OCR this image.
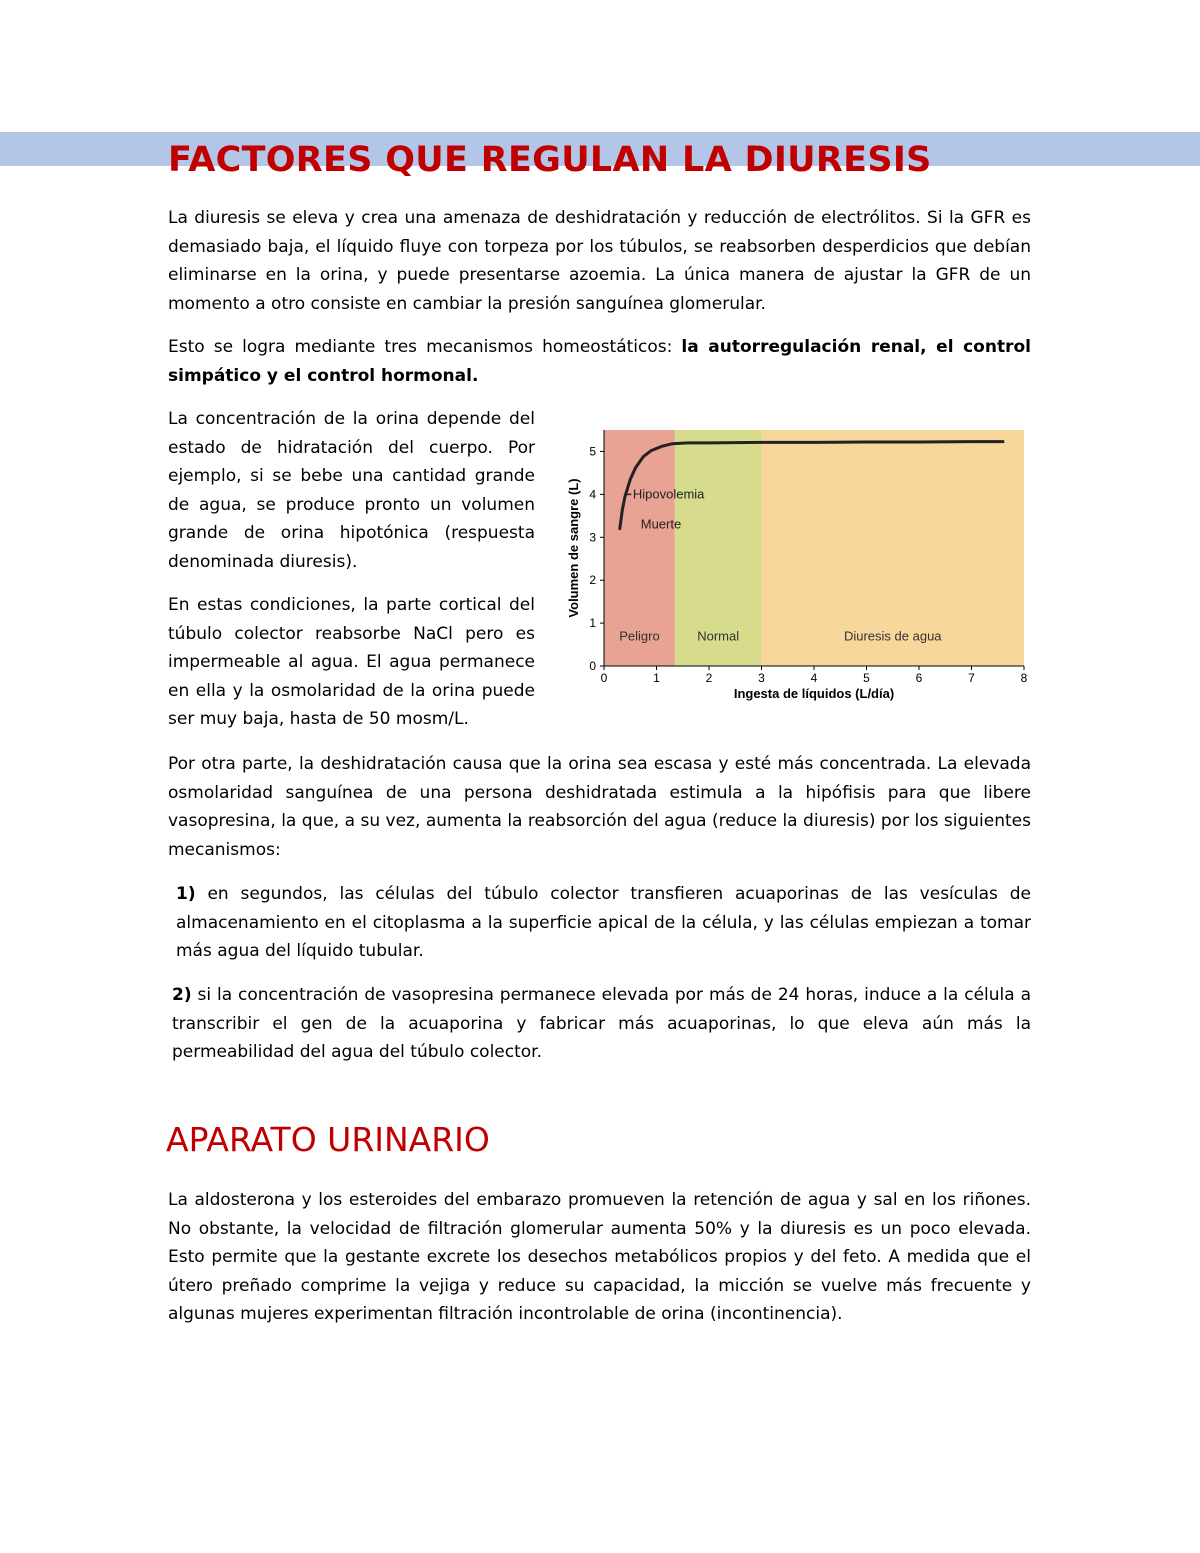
FACTORES QUE REGULAN LA DIURESIS

La diuresis se eleva y crea una amenaza de deshidratación y reducción de electrólitos. Si la GFR es demasiado baja, el líquido fluye con torpeza por los túbulos, se reabsorben desperdicios que debían eliminarse en la orina, y puede presentarse azoemia. La única manera de ajustar la GFR de un momento a otro consiste en cambiar la presión sanguínea glomerular.

Esto se logra mediante tres mecanismos homeostáticos: la autorregulación renal, el control simpático y el control hormonal.

La concentración de la orina depende del estado de hidratación del cuerpo. Por ejemplo, si se bebe una cantidad grande de agua, se produce pronto un volumen grande de orina hipotónica (respuesta denominada diuresis).

En estas condiciones, la parte cortical del túbulo colector reabsorbe NaCl pero es impermeable al agua. El agua permanece en ella y la osmolaridad de la orina puede ser muy baja, hasta de 50 mosm/L.

Peligro	Normal	Diuresis de agua
0	1	2	3	4	5	6	7	8
0
1
2
3
4
5
Ingesta de líquidos (L/día)
Volumen de sangre (L)	Hipovolemia
Muerte

Por otra parte, la deshidratación causa que la orina sea escasa y esté más concentrada. La elevada osmolaridad sanguínea de una persona deshidratada estimula a la hipófisis para que libere vasopresina, la que, a su vez, aumenta la reabsorción del agua (reduce la diuresis) por los siguientes mecanismos:

1) en segundos, las células del túbulo colector transfieren acuaporinas de las vesículas de almacenamiento en el citoplasma a la superficie apical de la célula, y las células empiezan a tomar más agua del líquido tubular.

2) si la concentración de vasopresina permanece elevada por más de 24 horas, induce a la célula a transcribir el gen de la acuaporina y fabricar más acuaporinas, lo que eleva aún más la permeabilidad del agua del túbulo colector.

APARATO URINARIO

La aldosterona y los esteroides del embarazo promueven la retención de agua y sal en los riñones. No obstante, la velocidad de filtración glomerular aumenta 50% y la diuresis es un poco elevada. Esto permite que la gestante excrete los desechos metabólicos propios y del feto. A medida que el útero preñado comprime la vejiga y reduce su capacidad, la micción se vuelve más frecuente y algunas mujeres experimentan filtración incontrolable de orina (incontinencia).
